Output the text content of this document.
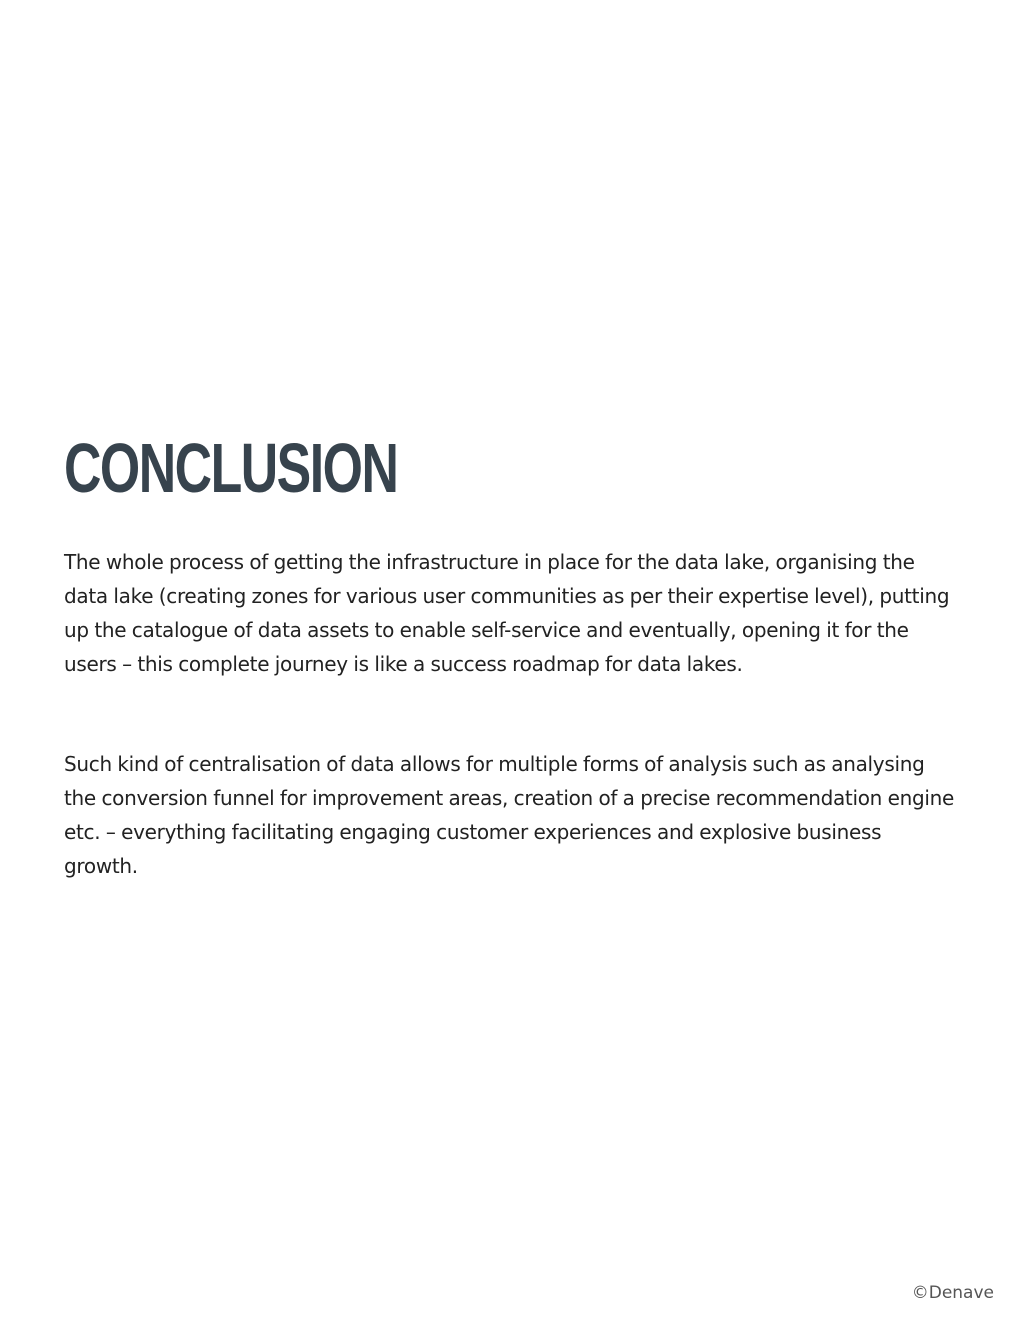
CONCLUSION

The whole process of getting the infrastructure in place for the data lake, organising the data lake (creating zones for various user communities as per their expertise level), putting up the catalogue of data assets to enable self-service and eventually, opening it for the users – this complete journey is like a success roadmap for data lakes.

Such kind of centralisation of data allows for multiple forms of analysis such as analysing the conversion funnel for improvement areas, creation of a precise recommendation engine etc. – everything facilitating engaging customer experiences and explosive business growth.

©Denave
